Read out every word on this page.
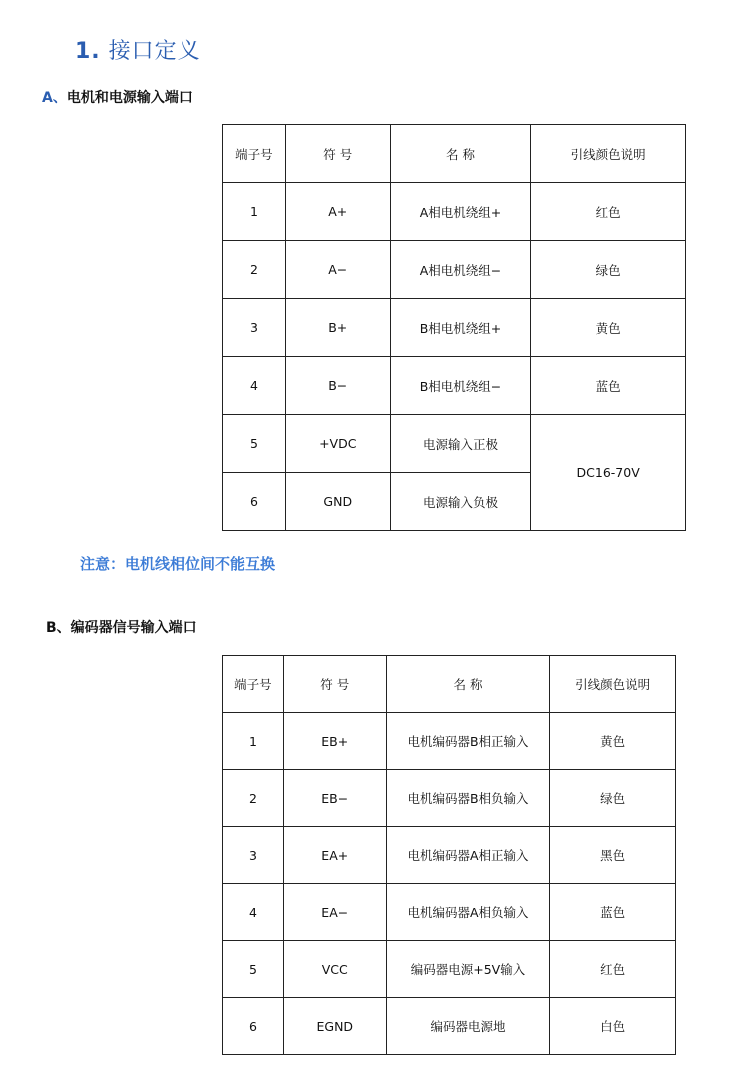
1. 接口定义
A、电机和电源输入端口
端子号	符 号	名 称	引线颜色说明
1	A+	A相电机绕组+	红色
2	A−	A相电机绕组−	绿色
3	B+	B相电机绕组+	黄色
4	B−	B相电机绕组−	蓝色
5	+VDC	电源输入正极	DC16-70V
6	GND	电源输入负极	
注意：电机线相位间不能互换
B、编码器信号输入端口
端子号	符 号	名 称	引线颜色说明
1	EB+	电机编码器B相正输入	黄色
2	EB−	电机编码器B相负输入	绿色
3	EA+	电机编码器A相正输入	黑色
4	EA−	电机编码器A相负输入	蓝色
5	VCC	编码器电源+5V输入	红色
6	EGND	编码器电源地	白色
